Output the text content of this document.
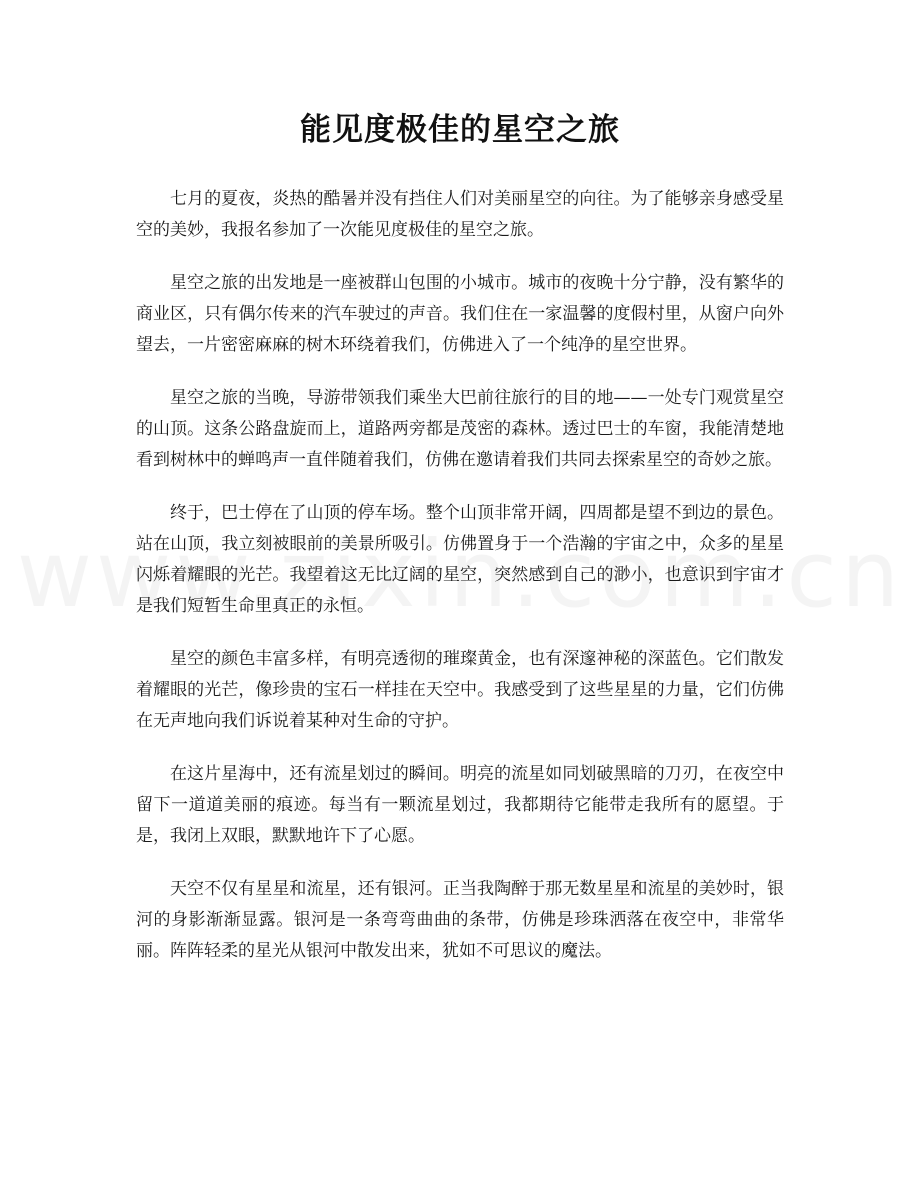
能见度极佳的星空之旅

七月的夏夜，炎热的酷暑并没有挡住人们对美丽星空的向往。为了能够亲身感受星空的美妙，我报名参加了一次能见度极佳的星空之旅。

星空之旅的出发地是一座被群山包围的小城市。城市的夜晚十分宁静，没有繁华的商业区，只有偶尔传来的汽车驶过的声音。我们住在一家温馨的度假村里，从窗户向外望去，一片密密麻麻的树木环绕着我们，仿佛进入了一个纯净的星空世界。

星空之旅的当晚，导游带领我们乘坐大巴前往旅行的目的地——一处专门观赏星空的山顶。这条公路盘旋而上，道路两旁都是茂密的森林。透过巴士的车窗，我能清楚地看到树林中的蝉鸣声一直伴随着我们，仿佛在邀请着我们共同去探索星空的奇妙之旅。

终于，巴士停在了山顶的停车场。整个山顶非常开阔，四周都是望不到边的景色。站在山顶，我立刻被眼前的美景所吸引。仿佛置身于一个浩瀚的宇宙之中，众多的星星闪烁着耀眼的光芒。我望着这无比辽阔的星空，突然感到自己的渺小，也意识到宇宙才是我们短暂生命里真正的永恒。

星空的颜色丰富多样，有明亮透彻的璀璨黄金，也有深邃神秘的深蓝色。它们散发着耀眼的光芒，像珍贵的宝石一样挂在天空中。我感受到了这些星星的力量，它们仿佛在无声地向我们诉说着某种对生命的守护。

在这片星海中，还有流星划过的瞬间。明亮的流星如同划破黑暗的刀刃，在夜空中留下一道道美丽的痕迹。每当有一颗流星划过，我都期待它能带走我所有的愿望。于是，我闭上双眼，默默地许下了心愿。

天空不仅有星星和流星，还有银河。正当我陶醉于那无数星星和流星的美妙时，银河的身影渐渐显露。银河是一条弯弯曲曲的条带，仿佛是珍珠洒落在夜空中，非常华丽。阵阵轻柔的星光从银河中散发出来，犹如不可思议的魔法。
